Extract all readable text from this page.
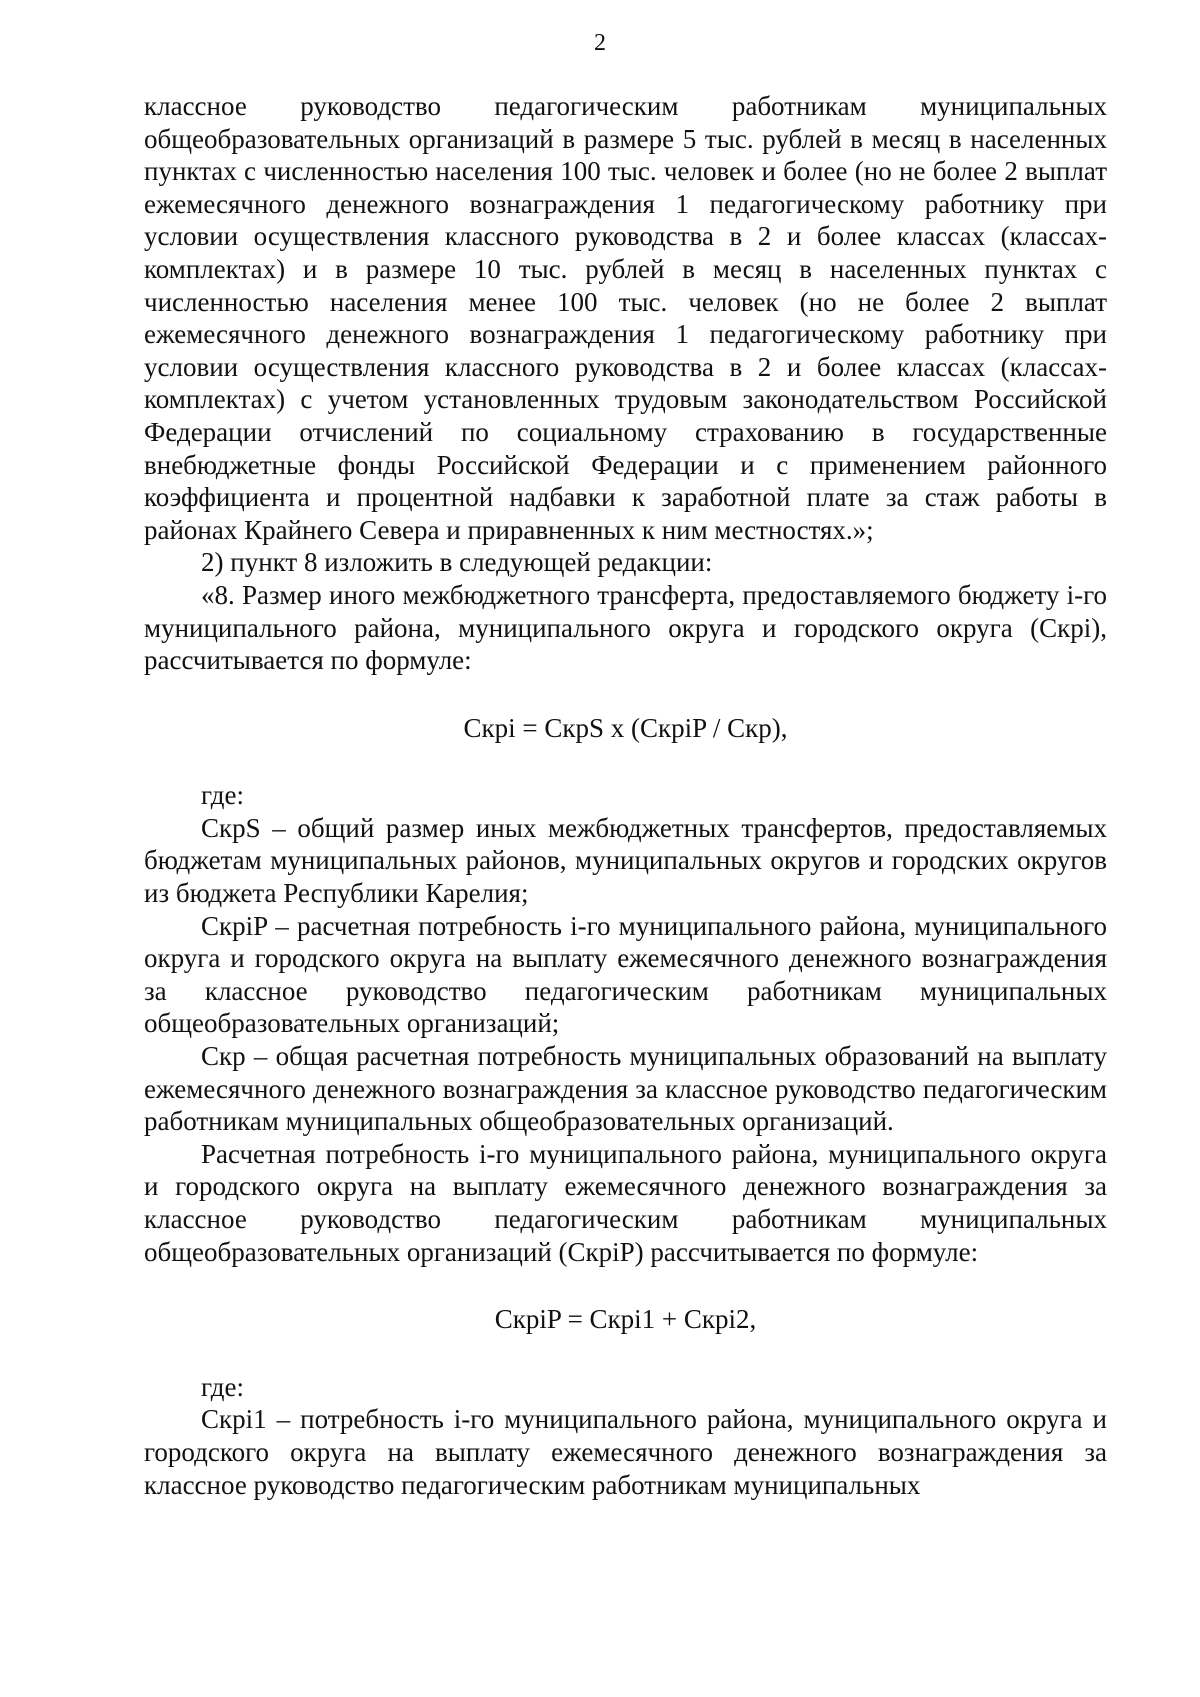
2

классное руководство педагогическим работникам муниципальных общеобразовательных организаций в размере 5 тыс. рублей в месяц в населенных пунктах с численностью населения 100 тыс. человек и более (но не более 2 выплат ежемесячного денежного вознаграждения 1 педагогическому работнику при условии осуществления классного руководства в 2 и более классах (классах-комплектах) и в размере 10 тыс. рублей в месяц в населенных пунктах с численностью населения менее 100 тыс. человек (но не более 2 выплат ежемесячного денежного вознаграждения 1 педагогическому работнику при условии осуществления классного руководства в 2 и более классах (классах-комплектах) с учетом установленных трудовым законодательством Российской Федерации отчислений по социальному страхованию в государственные внебюджетные фонды Российской Федерации и с применением районного коэффициента и процентной надбавки к заработной плате за стаж работы в районах Крайнего Севера и приравненных к ним местностях.»;

2) пункт 8 изложить в следующей редакции:

«8. Размер иного межбюджетного трансферта, предоставляемого бюджету i-го муниципального района, муниципального округа и городского округа (Cкрi), рассчитывается по формуле:

Cкрi = CкрS x (CкрiP / Cкр),

где:

CкрS – общий размер иных межбюджетных трансфертов, предоставляемых бюджетам муниципальных районов, муниципальных округов и городских округов из бюджета Республики Карелия;

CкрiP – расчетная потребность i-го муниципального района, муниципального округа и городского округа на выплату ежемесячного денежного вознаграждения за классное руководство педагогическим работникам муниципальных общеобразовательных организаций;

Cкр – общая расчетная потребность муниципальных образований на выплату ежемесячного денежного вознаграждения за классное руководство педагогическим работникам муниципальных общеобразовательных организаций.

Расчетная потребность i-го муниципального района, муниципального округа и городского округа на выплату ежемесячного денежного вознаграждения за классное руководство педагогическим работникам муниципальных общеобразовательных организаций (CкрiP) рассчитывается по формуле:

CкрiP = Cкрi1 + Cкрi2,

где:

Cкрi1 – потребность i-го муниципального района, муниципального округа и городского округа на выплату ежемесячного денежного вознаграждения за классное руководство педагогическим работникам муниципальных
